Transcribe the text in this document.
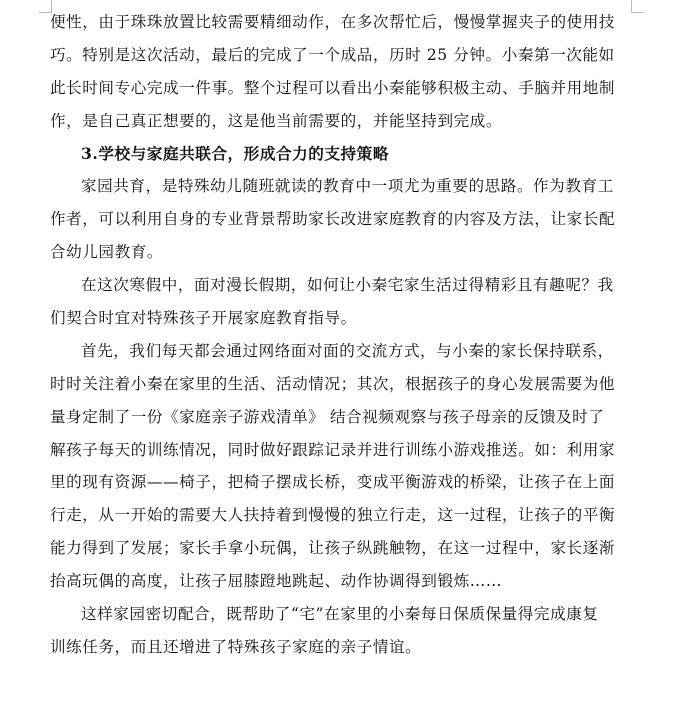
便性，由于珠珠放置比较需要精细动作，在多次帮忙后，慢慢掌握夹子的使用技
巧。特别是这次活动，最后的完成了一个成品，历时 25 分钟。小秦第一次能如
此长时间专心完成一件事。整个过程可以看出小秦能够积极主动、手脑并用地制
作，是自己真正想要的，这是他当前需要的，并能坚持到完成。
3.学校与家庭共联合，形成合力的支持策略
家园共育，是特殊幼儿随班就读的教育中一项尤为重要的思路。作为教育工
作者，可以利用自身的专业背景帮助家长改进家庭教育的内容及方法，让家长配
合幼儿园教育。
在这次寒假中，面对漫长假期，如何让小秦宅家生活过得精彩且有趣呢？我
们契合时宜对特殊孩子开展家庭教育指导。
首先，我们每天都会通过网络面对面的交流方式，与小秦的家长保持联系，
时时关注着小秦在家里的生活、活动情况；其次，根据孩子的身心发展需要为他
量身定制了一份《家庭亲子游戏清单》 结合视频观察与孩子母亲的反馈及时了
解孩子每天的训练情况，同时做好跟踪记录并进行训练小游戏推送。如：利用家
里的现有资源——椅子，把椅子摆成长桥，变成平衡游戏的桥梁，让孩子在上面
行走，从一开始的需要大人扶持着到慢慢的独立行走，这一过程，让孩子的平衡
能力得到了发展；家长手拿小玩偶，让孩子纵跳触物，在这一过程中，家长逐渐
抬高玩偶的高度，让孩子屈膝蹬地跳起、动作协调得到锻炼……
这样家园密切配合，既帮助了“宅”在家里的小秦每日保质保量得完成康复
训练任务，而且还增进了特殊孩子家庭的亲子情谊。
